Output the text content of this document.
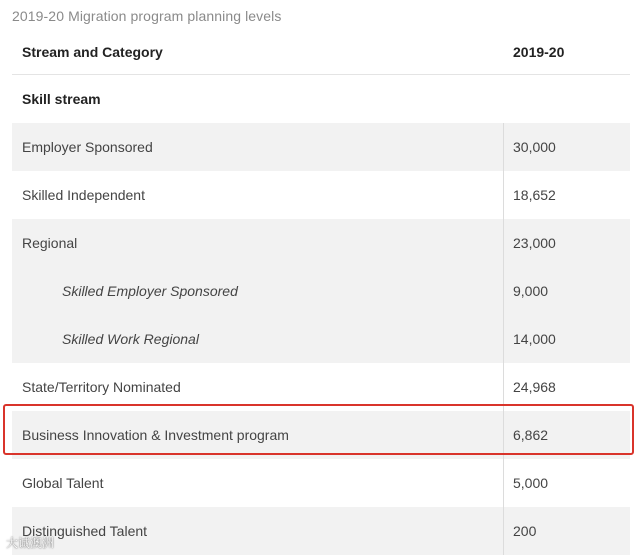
2019-20 Migration program planning levels
Stream and Category	2019-20
Skill stream
Employer Sponsored	30,000
Skilled Independent	18,652
Regional	23,000
Skilled Employer Sponsored	9,000
Skilled Work Regional	14,000
State/Territory Nominated	24,968
Business Innovation & Investment program	6,862
Global Talent	5,000
Distinguished Talent	200
大诚澳洲
